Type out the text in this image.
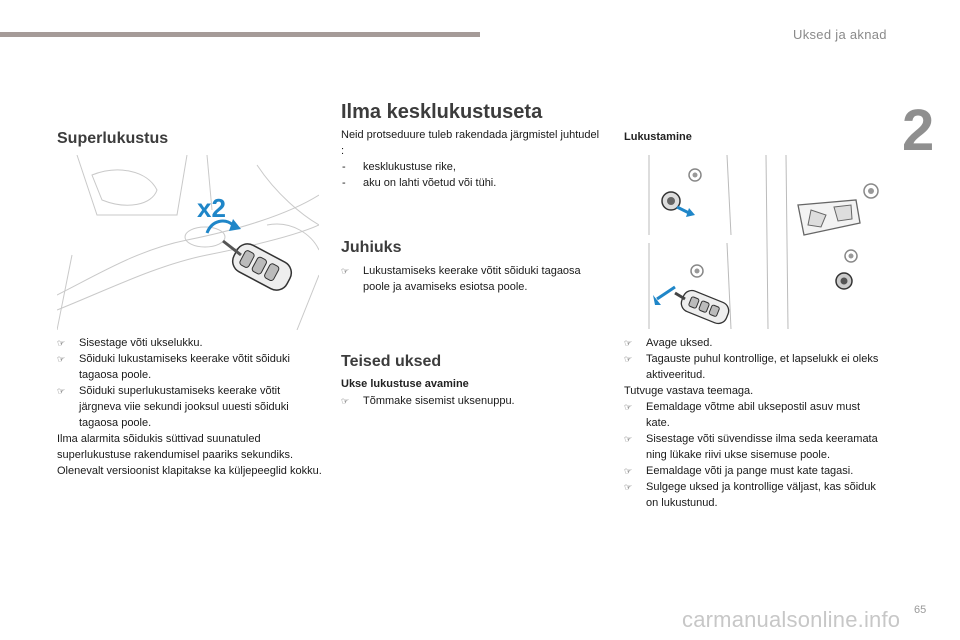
Uksed ja aknad
2
Superlukustus
x2

☞ Sisestage võti ukselukku.

☞ Sõiduki lukustamiseks keerake võtit sõiduki tagaosa poole.

☞ Sõiduki superlukustamiseks keerake võtit järgneva viie sekundi jooksul uuesti sõiduki tagaosa poole.

Ilma alarmita sõidukis süttivad suunatuled superlukustuse rakendumisel paariks sekundiks.

Olenevalt versioonist klapitakse ka küljepeeglid kokku.

Ilma kesklukustuseta

Neid protseduure tuleb rakendada järgmistel juhtudel :

- kesklukustuse rike,

- aku on lahti võetud või tühi.

Juhiuks

☞ Lukustamiseks keerake võtit sõiduki tagaosa poole ja avamiseks esiotsa poole.

Teised uksed
Ukse lukustuse avamine

☞ Tõmmake sisemist uksenuppu.

Lukustamine

☞ Avage uksed.

☞ Tagauste puhul kontrollige, et lapselukk ei oleks aktiveeritud.

Tutvuge vastava teemaga.

☞ Eemaldage võtme abil uksepostil asuv must kate.

☞ Sisestage võti süvendisse ilma seda keeramata ning lükake riivi ukse sisemuse poole.

☞ Eemaldage võti ja pange must kate tagasi.

☞ Sulgege uksed ja kontrollige väljast, kas sõiduk on lukustunud.

carmanualsonline.info 65
